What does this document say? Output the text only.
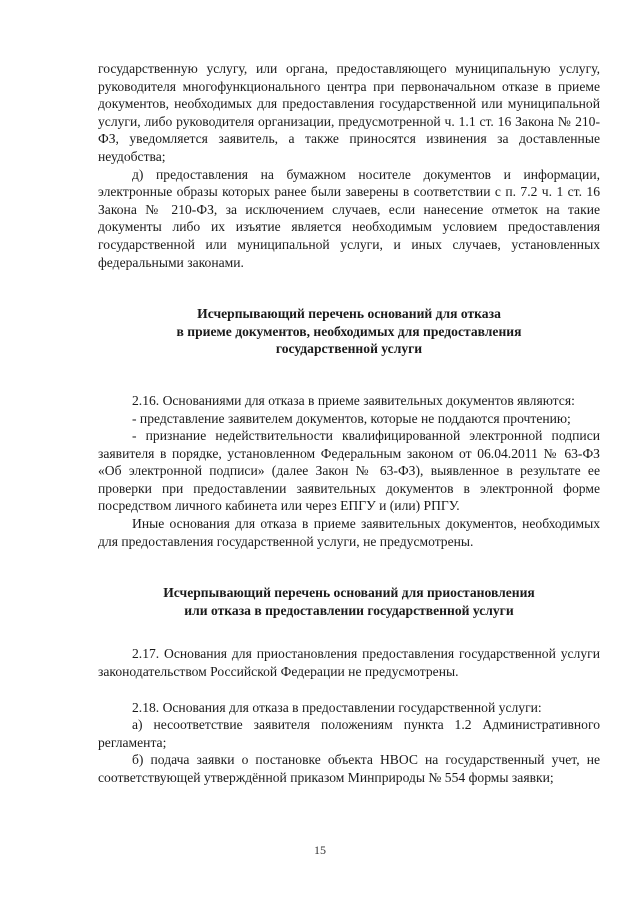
государственную услугу, или органа, предоставляющего муниципальную услугу, руководителя многофункционального центра при первоначальном отказе в приеме документов, необходимых для предоставления государственной или муниципальной услуги, либо руководителя организации, предусмотренной ч. 1.1 ст. 16 Закона № 210- ФЗ, уведомляется заявитель, а также приносятся извинения за доставленные неудобства;

д) предоставления на бумажном носителе документов и информации, электронные образы которых ранее были заверены в соответствии с п. 7.2 ч. 1 ст. 16 Закона № 210-ФЗ, за исключением случаев, если нанесение отметок на такие документы либо их изъятие является необходимым условием предоставления государственной или муниципальной услуги, и иных случаев, установленных федеральными законами.

Исчерпывающий перечень оснований для отказа
в приеме документов, необходимых для предоставления
государственной услуги

2.16. Основаниями для отказа в приеме заявительных документов являются:

- представление заявителем документов, которые не поддаются прочтению;

- признание недействительности квалифицированной электронной подписи заявителя в порядке, установленном Федеральным законом от 06.04.2011 № 63-ФЗ «Об электронной подписи» (далее Закон № 63-ФЗ), выявленное в результате ее проверки при предоставлении заявительных документов в электронной форме посредством личного кабинета или через ЕПГУ и (или) РПГУ.

Иные основания для отказа в приеме заявительных документов, необходимых для предоставления государственной услуги, не предусмотрены.

Исчерпывающий перечень оснований для приостановления
или отказа в предоставлении государственной услуги

2.17. Основания для приостановления предоставления государственной услуги законодательством Российской Федерации не предусмотрены.

2.18. Основания для отказа в предоставлении государственной услуги:

а) несоответствие заявителя положениям пункта 1.2 Административного регламента;

б) подача заявки о постановке объекта НВОС на государственный учет, не соответствующей утверждённой приказом Минприроды № 554 формы заявки;

15
